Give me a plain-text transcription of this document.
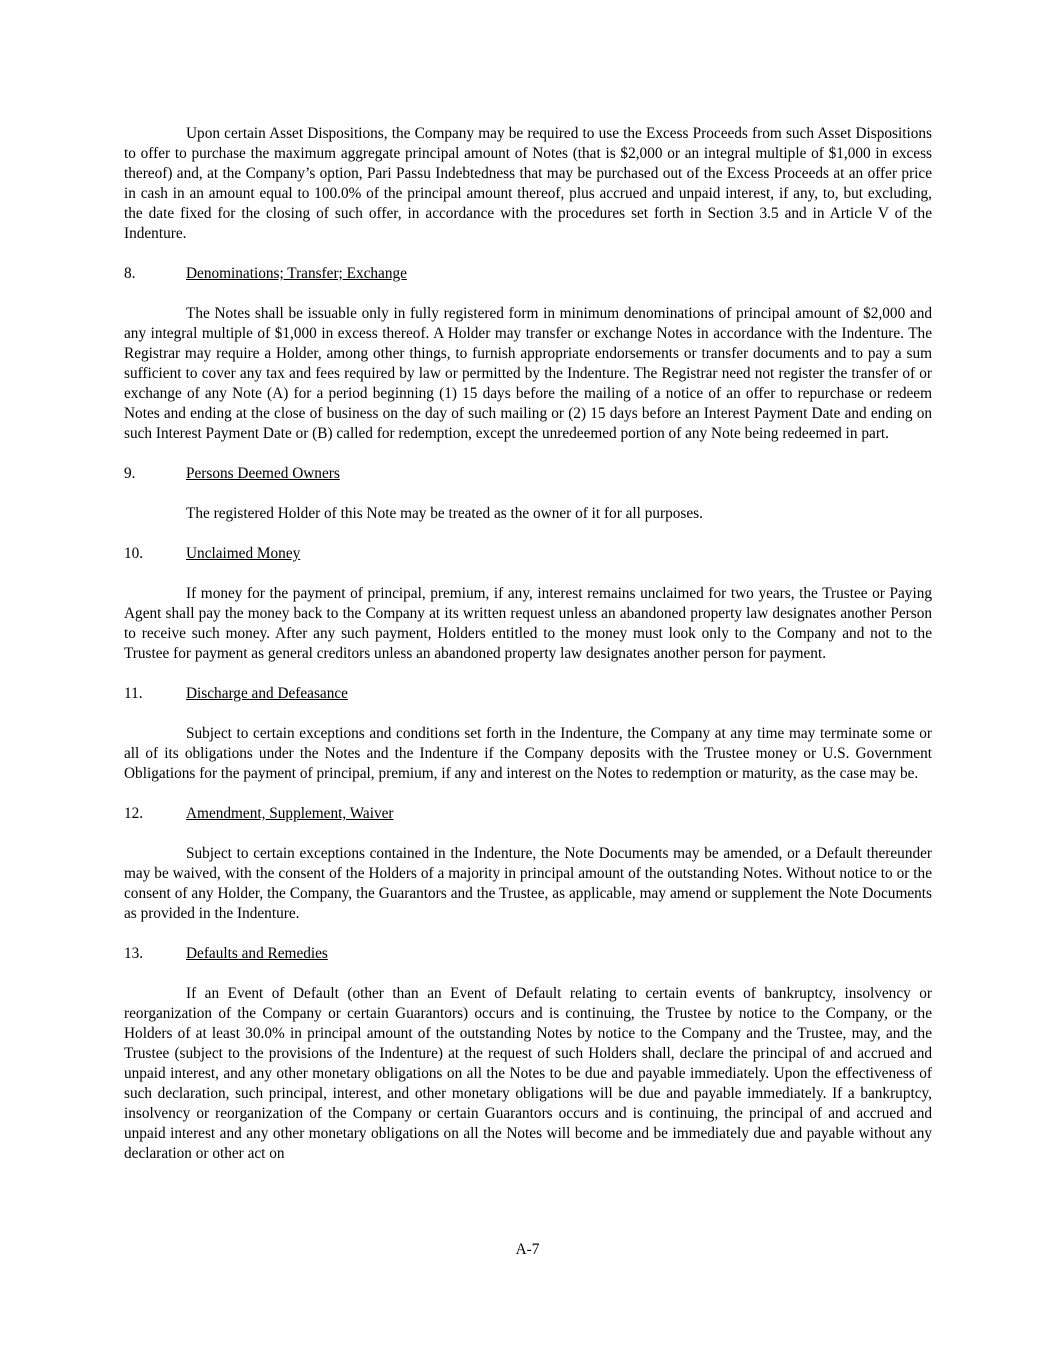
Upon certain Asset Dispositions, the Company may be required to use the Excess Proceeds from such Asset Dispositions to offer to purchase the maximum aggregate principal amount of Notes (that is $2,000 or an integral multiple of $1,000 in excess thereof) and, at the Company’s option, Pari Passu Indebtedness that may be purchased out of the Excess Proceeds at an offer price in cash in an amount equal to 100.0% of the principal amount thereof, plus accrued and unpaid interest, if any, to, but excluding, the date fixed for the closing of such offer, in accordance with the procedures set forth in Section 3.5 and in Article V of the Indenture.

8.	Denominations; Transfer; Exchange

The Notes shall be issuable only in fully registered form in minimum denominations of principal amount of $2,000 and any integral multiple of $1,000 in excess thereof. A Holder may transfer or exchange Notes in accordance with the Indenture. The Registrar may require a Holder, among other things, to furnish appropriate endorsements or transfer documents and to pay a sum sufficient to cover any tax and fees required by law or permitted by the Indenture. The Registrar need not register the transfer of or exchange of any Note (A) for a period beginning (1) 15 days before the mailing of a notice of an offer to repurchase or redeem Notes and ending at the close of business on the day of such mailing or (2) 15 days before an Interest Payment Date and ending on such Interest Payment Date or (B) called for redemption, except the unredeemed portion of any Note being redeemed in part.

9.	Persons Deemed Owners

The registered Holder of this Note may be treated as the owner of it for all purposes.

10.	Unclaimed Money

If money for the payment of principal, premium, if any, interest remains unclaimed for two years, the Trustee or Paying Agent shall pay the money back to the Company at its written request unless an abandoned property law designates another Person to receive such money. After any such payment, Holders entitled to the money must look only to the Company and not to the Trustee for payment as general creditors unless an abandoned property law designates another person for payment.

11.	Discharge and Defeasance

Subject to certain exceptions and conditions set forth in the Indenture, the Company at any time may terminate some or all of its obligations under the Notes and the Indenture if the Company deposits with the Trustee money or U.S. Government Obligations for the payment of principal, premium, if any and interest on the Notes to redemption or maturity, as the case may be.

12.	Amendment, Supplement, Waiver

Subject to certain exceptions contained in the Indenture, the Note Documents may be amended, or a Default thereunder may be waived, with the consent of the Holders of a majority in principal amount of the outstanding Notes. Without notice to or the consent of any Holder, the Company, the Guarantors and the Trustee, as applicable, may amend or supplement the Note Documents as provided in the Indenture.

13.	Defaults and Remedies

If an Event of Default (other than an Event of Default relating to certain events of bankruptcy, insolvency or reorganization of the Company or certain Guarantors) occurs and is continuing, the Trustee by notice to the Company, or the Holders of at least 30.0% in principal amount of the outstanding Notes by notice to the Company and the Trustee, may, and the Trustee (subject to the provisions of the Indenture) at the request of such Holders shall, declare the principal of and accrued and unpaid interest, and any other monetary obligations on all the Notes to be due and payable immediately. Upon the effectiveness of such declaration, such principal, interest, and other monetary obligations will be due and payable immediately. If a bankruptcy, insolvency or reorganization of the Company or certain Guarantors occurs and is continuing, the principal of and accrued and unpaid interest and any other monetary obligations on all the Notes will become and be immediately due and payable without any declaration or other act on

A-7
